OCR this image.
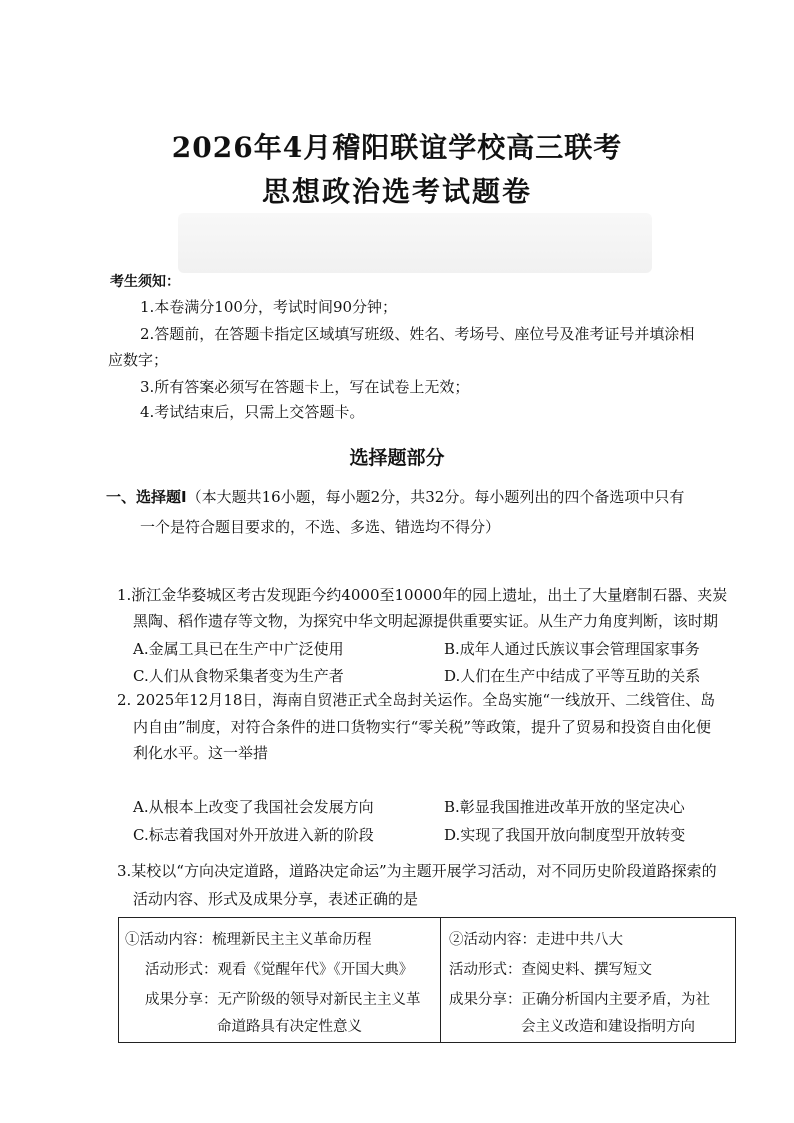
2026年4月稽阳联谊学校高三联考
思想政治选考试题卷
考生须知：
1.本卷满分100分，考试时间90分钟；
2.答题前，在答题卡指定区域填写班级、姓名、考场号、座位号及准考证号并填涂相
应数字；
3.所有答案必须写在答题卡上，写在试卷上无效；
4.考试结束后，只需上交答题卡。
选择题部分
一、选择题Ⅰ（本大题共16小题，每小题2分，共32分。每小题列出的四个备选项中只有
一个是符合题目要求的，不选、多选、错选均不得分）
1.浙江金华婺城区考古发现距今约4000至10000年的园上遗址，出土了大量磨制石器、夹炭
黑陶、稻作遗存等文物，为探究中华文明起源提供重要实证。从生产力角度判断，该时期
A.金属工具已在生产中广泛使用	B.成年人通过氏族议事会管理国家事务
C.人们从食物采集者变为生产者	D.人们在生产中结成了平等互助的关系
2. 2025年12月18日，海南自贸港正式全岛封关运作。全岛实施“一线放开、二线管住、岛
内自由”制度，对符合条件的进口货物实行“零关税”等政策，提升了贸易和投资自由化便
利化水平。这一举措
A.从根本上改变了我国社会发展方向	B.彰显我国推进改革开放的坚定决心
C.标志着我国对外开放进入新的阶段	D.实现了我国开放向制度型开放转变
3.某校以“方向决定道路，道路决定命运”为主题开展学习活动，对不同历史阶段道路探索的
活动内容、形式及成果分享，表述正确的是
①活动内容：梳理新民主主义革命历程
活动形式：观看《觉醒年代》《开国大典》
成果分享：无产阶级的领导对新民主主义革
命道路具有决定性意义

②活动内容：走进中共八大
活动形式：查阅史料、撰写短文
成果分享：正确分析国内主要矛盾，为社
会主义改造和建设指明方向
